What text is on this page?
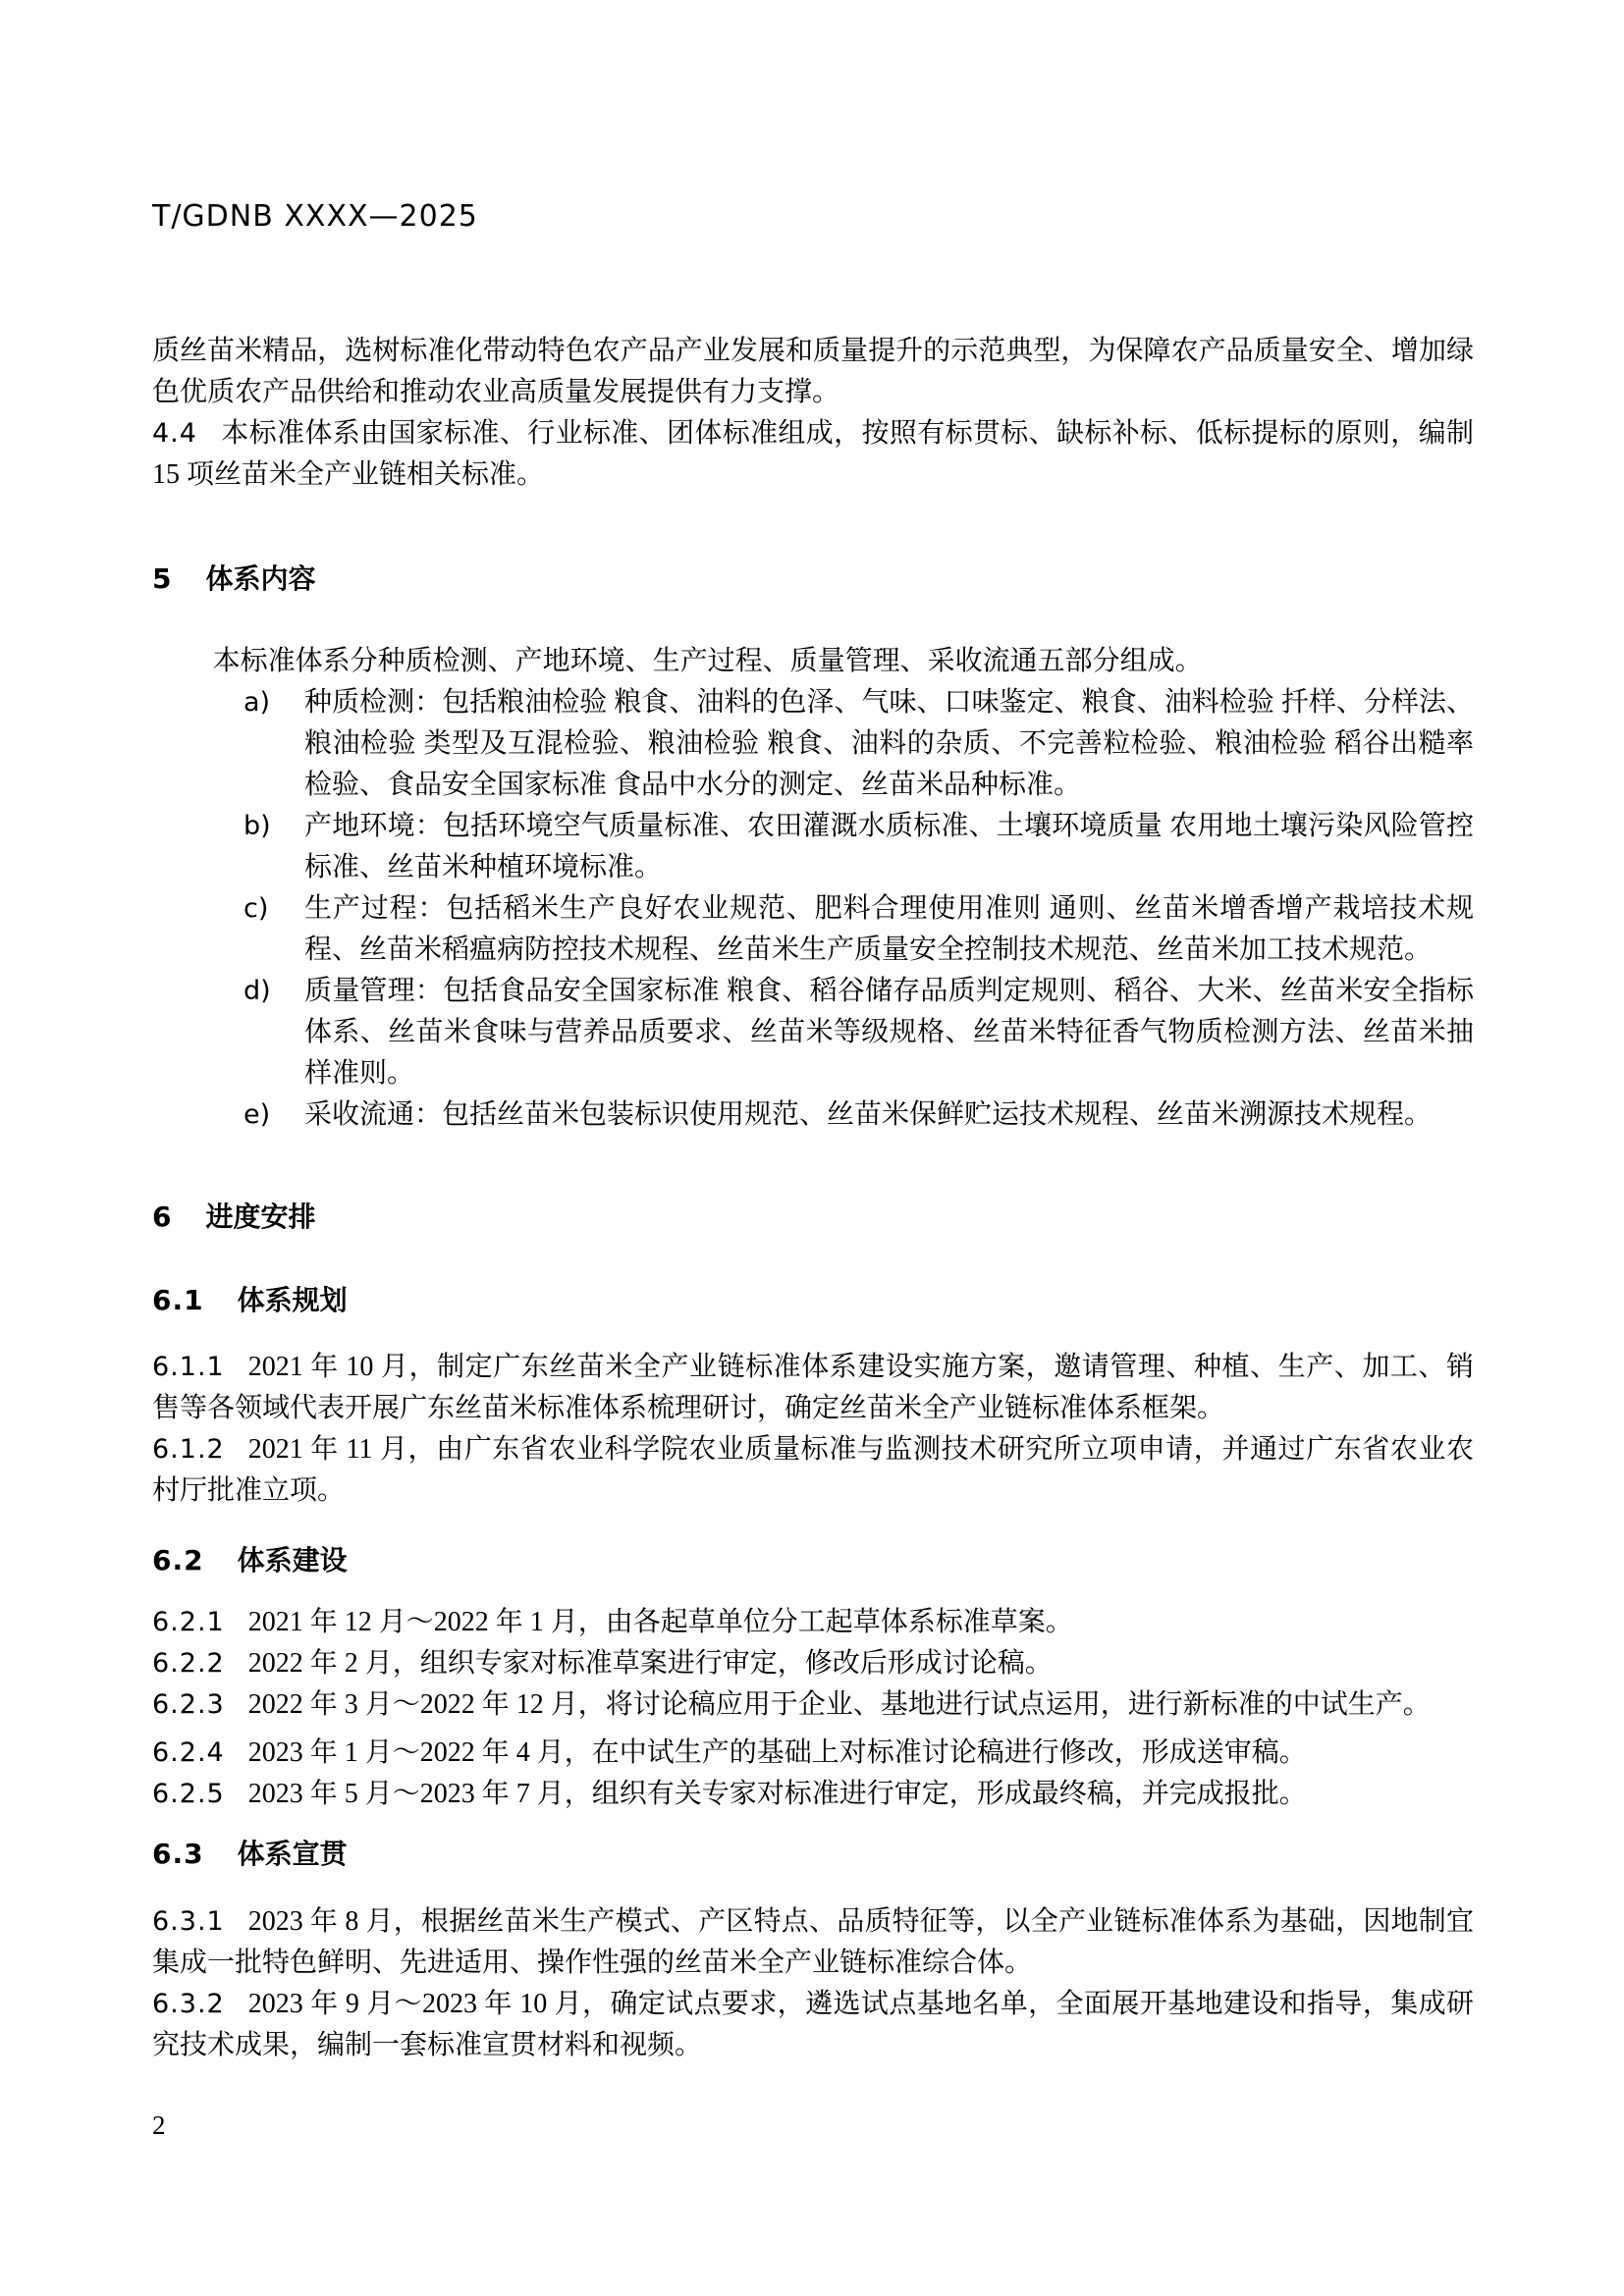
T/GDNB XXXX—2025

质丝苗米精品，选树标准化带动特色农产品产业发展和质量提升的示范典型，为保障农产品质量安全、增加绿色优质农产品供给和推动农业高质量发展提供有力支撑。

4.4 本标准体系由国家标准、行业标准、团体标准组成，按照有标贯标、缺标补标、低标提标的原则，编制 15 项丝苗米全产业链相关标准。

5 体系内容

本标准体系分种质检测、产地环境、生产过程、质量管理、采收流通五部分组成。

a) 种质检测：包括粮油检验 粮食、油料的色泽、气味、口味鉴定、粮食、油料检验 扦样、分样法、粮油检验 类型及互混检验、粮油检验 粮食、油料的杂质、不完善粒检验、粮油检验 稻谷出糙率检验、食品安全国家标准 食品中水分的测定、丝苗米品种标准。
b) 产地环境：包括环境空气质量标准、农田灌溉水质标准、土壤环境质量 农用地土壤污染风险管控标准、丝苗米种植环境标准。
c) 生产过程：包括稻米生产良好农业规范、肥料合理使用准则 通则、丝苗米增香增产栽培技术规程、丝苗米稻瘟病防控技术规程、丝苗米生产质量安全控制技术规范、丝苗米加工技术规范。
d) 质量管理：包括食品安全国家标准 粮食、稻谷储存品质判定规则、稻谷、大米、丝苗米安全指标体系、丝苗米食味与营养品质要求、丝苗米等级规格、丝苗米特征香气物质检测方法、丝苗米抽样准则。
e) 采收流通：包括丝苗米包装标识使用规范、丝苗米保鲜贮运技术规程、丝苗米溯源技术规程。
6 进度安排
6.1 体系规划

6.1.1 2021 年 10 月，制定广东丝苗米全产业链标准体系建设实施方案，邀请管理、种植、生产、加工、销售等各领域代表开展广东丝苗米标准体系梳理研讨，确定丝苗米全产业链标准体系框架。

6.1.2 2021 年 11 月，由广东省农业科学院农业质量标准与监测技术研究所立项申请，并通过广东省农业农村厅批准立项。

6.2 体系建设

6.2.1 2021 年 12 月～2022 年 1 月，由各起草单位分工起草体系标准草案。

6.2.2 2022 年 2 月，组织专家对标准草案进行审定，修改后形成讨论稿。

6.2.3 2022 年 3 月～2022 年 12 月，将讨论稿应用于企业、基地进行试点运用，进行新标准的中试生产。

6.2.4 2023 年 1 月～2022 年 4 月，在中试生产的基础上对标准讨论稿进行修改，形成送审稿。

6.2.5 2023 年 5 月～2023 年 7 月，组织有关专家对标准进行审定，形成最终稿，并完成报批。

6.3 体系宣贯

6.3.1 2023 年 8 月，根据丝苗米生产模式、产区特点、品质特征等，以全产业链标准体系为基础，因地制宜集成一批特色鲜明、先进适用、操作性强的丝苗米全产业链标准综合体。

6.3.2 2023 年 9 月～2023 年 10 月，确定试点要求，遴选试点基地名单，全面展开基地建设和指导，集成研究技术成果，编制一套标准宣贯材料和视频。

2
